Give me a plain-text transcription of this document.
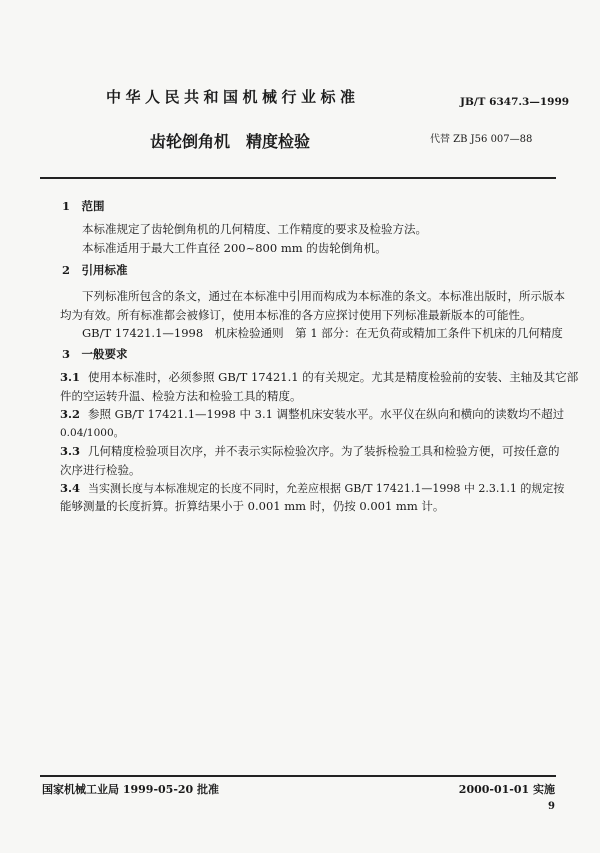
中华人民共和国机械行业标准	JB/T 6347.3—1999
齿轮倒角机　精度检验	代替 ZB J56 007—88
1　范围
本标准规定了齿轮倒角机的几何精度、工作精度的要求及检验方法。
本标准适用于最大工件直径 200~800 mm 的齿轮倒角机。
2　引用标准
下列标准所包含的条文，通过在本标准中引用而构成为本标准的条文。本标准出版时，所示版本
均为有效。所有标准都会被修订，使用本标准的各方应探讨使用下列标准最新版本的可能性。
GB/T 17421.1—1998　机床检验通则　第 1 部分：在无负荷或精加工条件下机床的几何精度
3　一般要求
3.1 使用本标准时，必须参照 GB/T 17421.1 的有关规定。尤其是精度检验前的安装、主轴及其它部
件的空运转升温、检验方法和检验工具的精度。
3.2 参照 GB/T 17421.1—1998 中 3.1 调整机床安装水平。水平仪在纵向和横向的读数均不超过
0.04/1000。
3.3 几何精度检验项目次序，并不表示实际检验次序。为了装拆检验工具和检验方便，可按任意的
次序进行检验。
3.4 当实测长度与本标准规定的长度不同时，允差应根据 GB/T 17421.1—1998 中 2.3.1.1 的规定按
能够测量的长度折算。折算结果小于 0.001 mm 时，仍按 0.001 mm 计。
国家机械工业局 1999-05-20 批准	2000-01-01 实施
9
